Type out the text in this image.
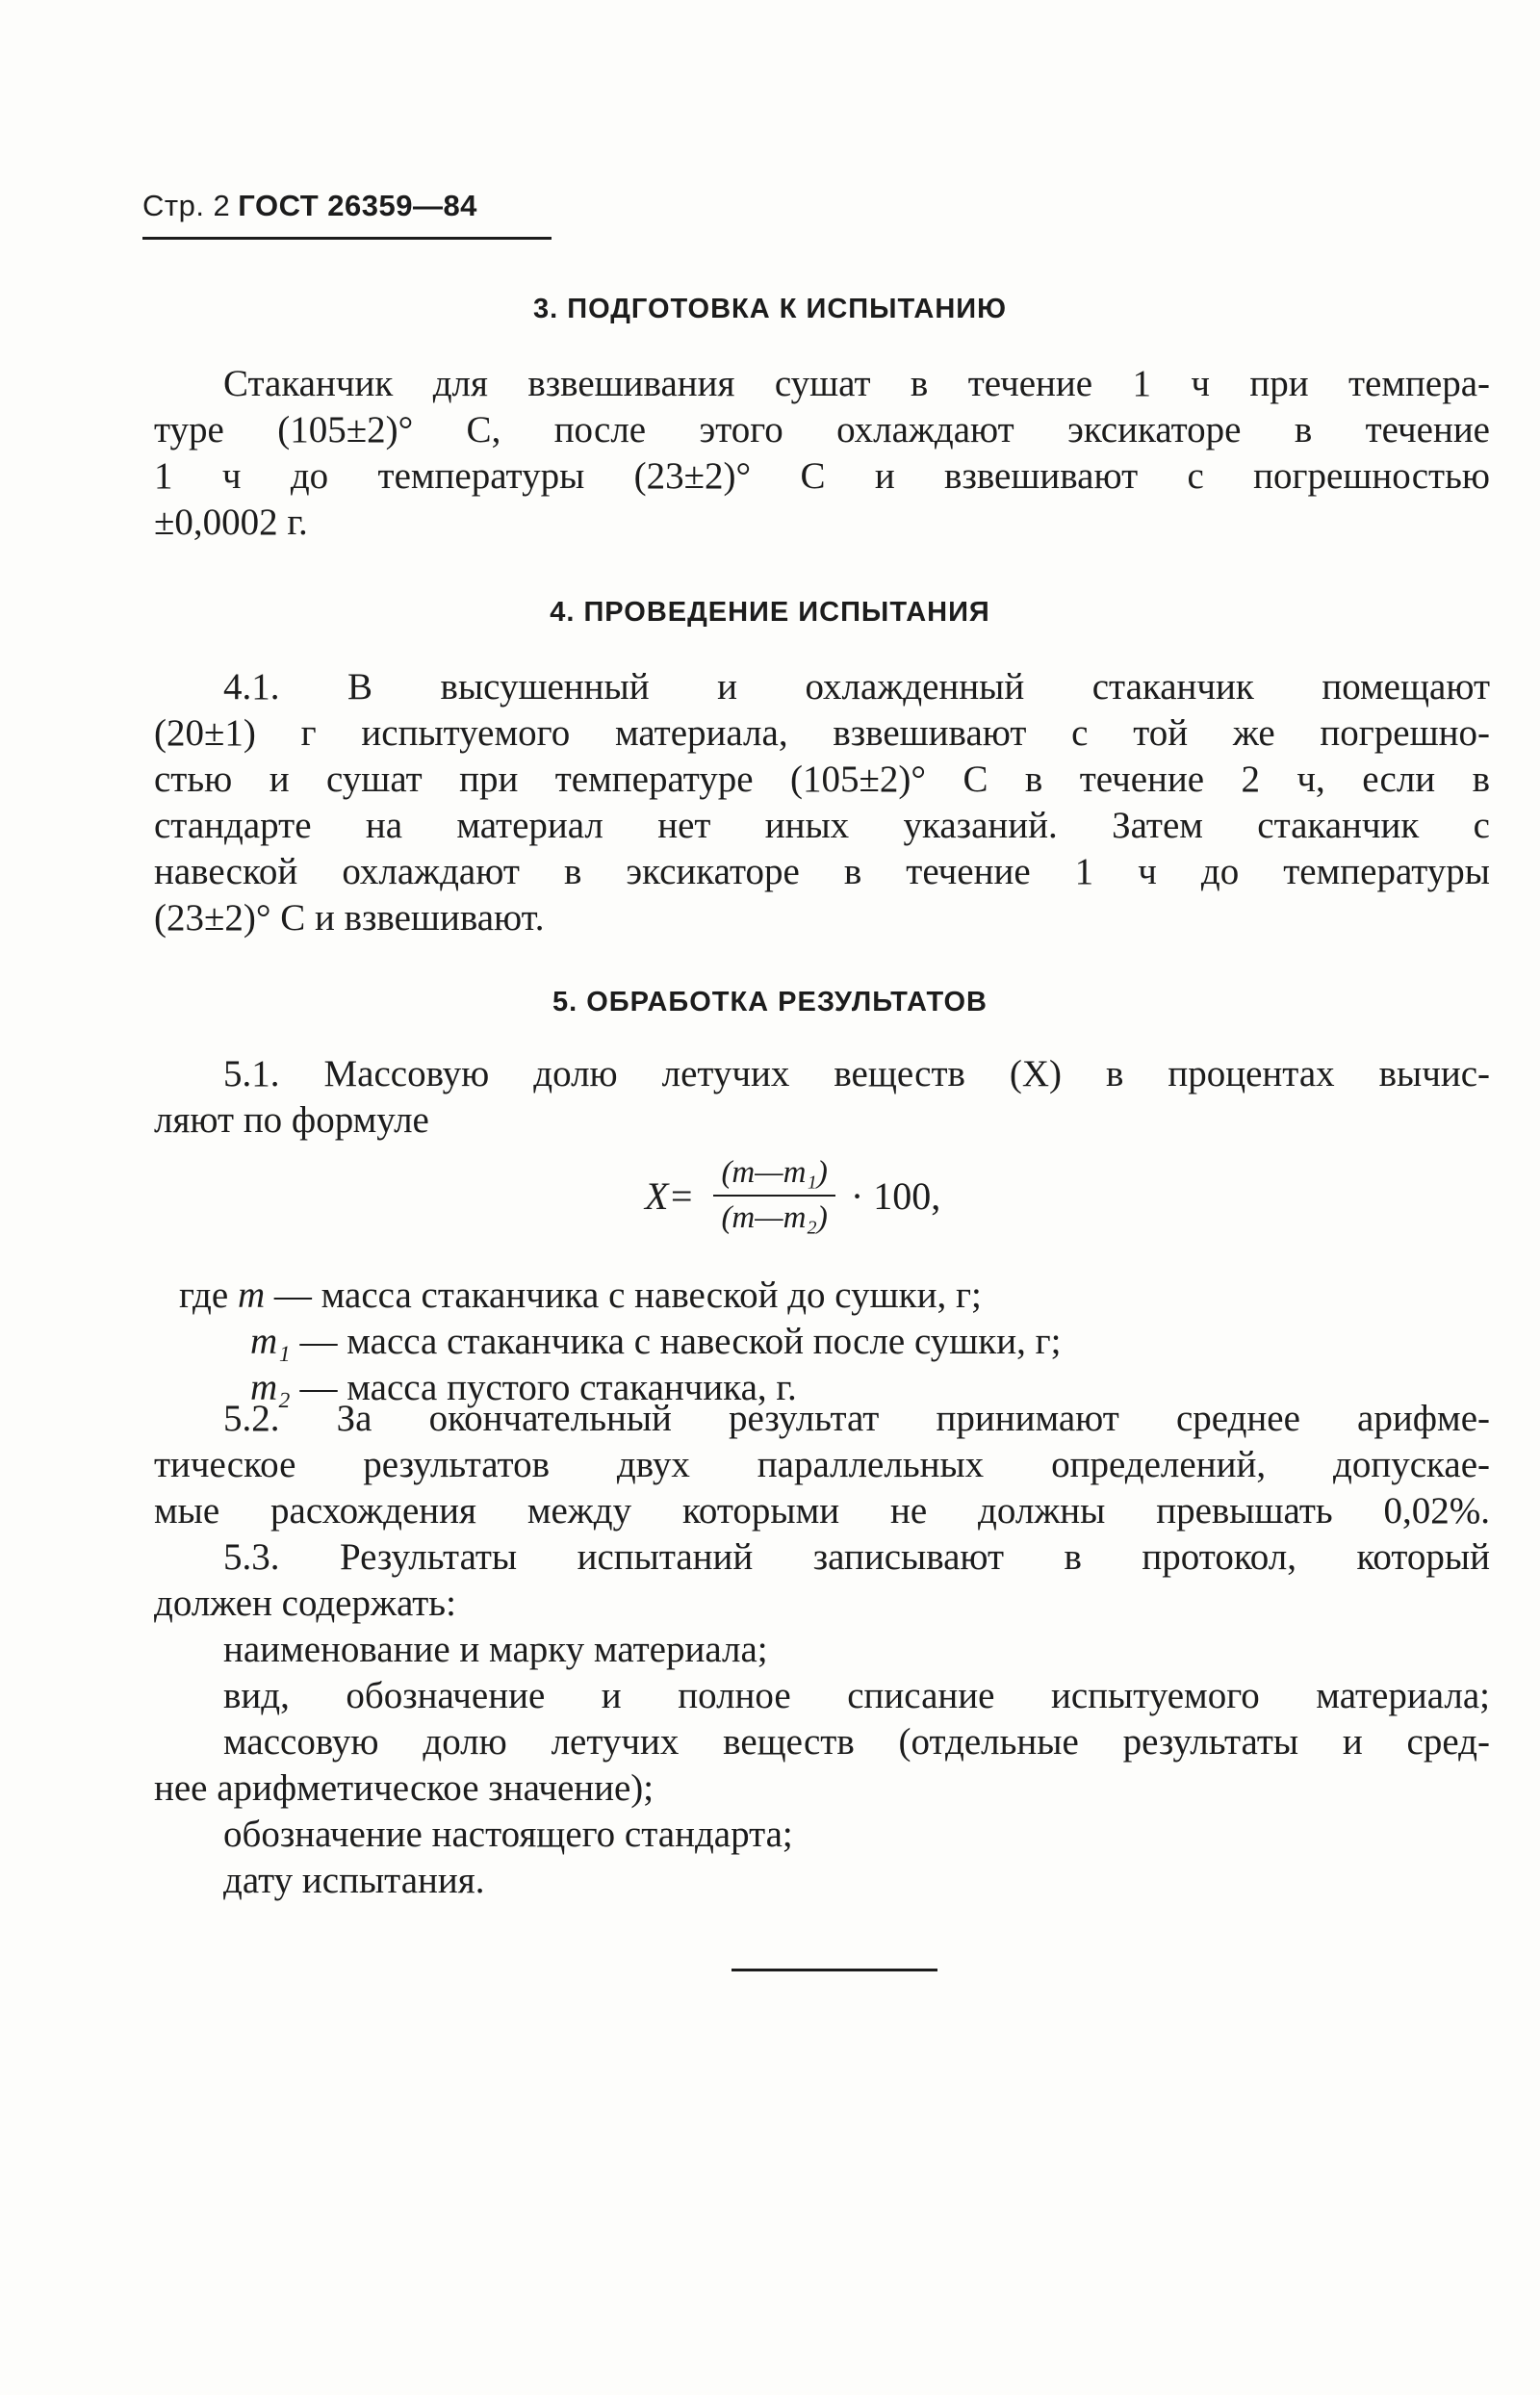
Стр. 2 ГОСТ 26359—84
3. ПОДГОТОВКА К ИСПЫТАНИЮ
Стаканчик для взвешивания сушат в течение 1 ч при темпера-
туре (105±2)° С, после этого охлаждают эксикаторе в течение
1 ч до температуры (23±2)° С и взвешивают с погрешностью
±0,0002 г.
4. ПРОВЕДЕНИЕ ИСПЫТАНИЯ
4.1. В высушенный и охлажденный стаканчик помещают
(20±1) г испытуемого материала, взвешивают с той же погрешно-
стью и сушат при температуре (105±2)° С в течение 2 ч, если в
стандарте на материал нет иных указаний. Затем стаканчик с
навеской охлаждают в эксикаторе в течение 1 ч до температуры
(23±2)° С и взвешивают.
5. ОБРАБОТКА РЕЗУЛЬТАТОВ
5.1. Массовую долю летучих веществ (X) в процентах вычис-
ляют по формуле
$X= \frac{\text{(m—m₁)}}{\text{(m—m₂)}} \cdot 100$,
где m — масса стаканчика с навеской до сушки, г;
m₁ — масса стаканчика с навеской после сушки, г;
m₂ — масса пустого стаканчика, г.
5.2. За окончательный результат принимают среднее арифме-
тическое результатов двух параллельных определений, допускае-
мые расхождения между которыми не должны превышать 0,02%.
5.3. Результаты испытаний записывают в протокол, который
должен содержать:
наименование и марку материала;
вид, обозначение и полное списание испытуемого материала;
массовую долю летучих веществ (отдельные результаты и сред-
нее арифметическое значение);
обозначение настоящего стандарта;
дату испытания.
